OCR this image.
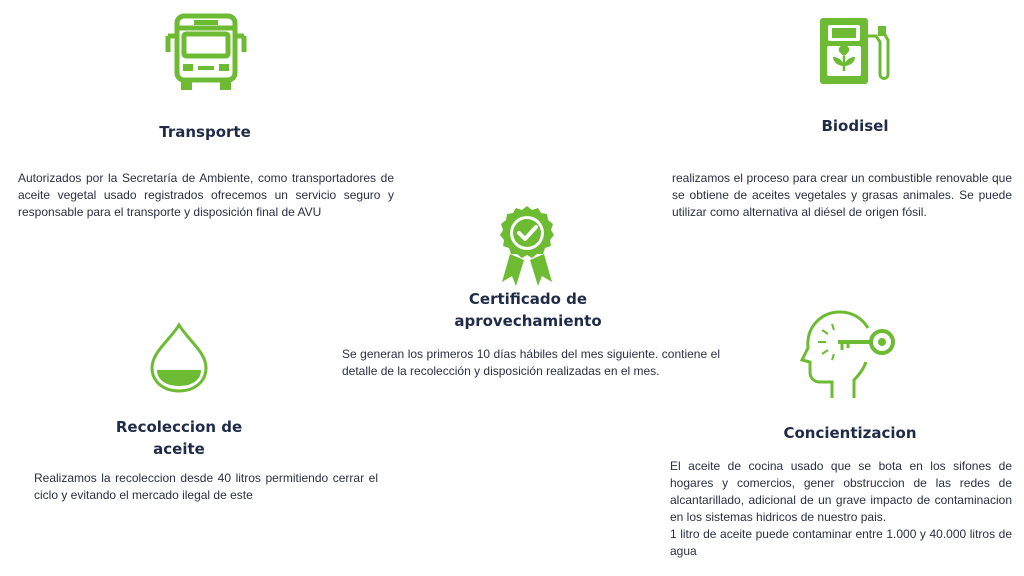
Transporte
Autorizados por la Secretaría de Ambiente, como transportadores de aceite vegetal usado registrados ofrecemos un servicio seguro y responsable para el transporte y disposición final de AVU
Biodisel
realizamos el proceso para crear un combustible renovable que se obtiene de aceites vegetales y grasas animales. Se puede utilizar como alternativa al diésel de origen fósil.
Certificado de
aprovechamiento
Se generan los primeros 10 días hábiles del mes siguiente. contiene el detalle de la recolección y disposición realizadas en el mes.
Recoleccion de
aceite
Realizamos la recoleccion desde 40 litros permitiendo cerrar el ciclo y evitando el mercado ilegal de este
Concientizacion

El aceite de cocina usado que se bota en los sifones de hogares y comercios, gener obstruccion de las redes de alcantarillado, adicional de un grave impacto de contaminacion en los sistemas hidricos de nuestro pais.

1 litro de aceite puede contaminar entre 1.000 y 40.000 litros de agua
